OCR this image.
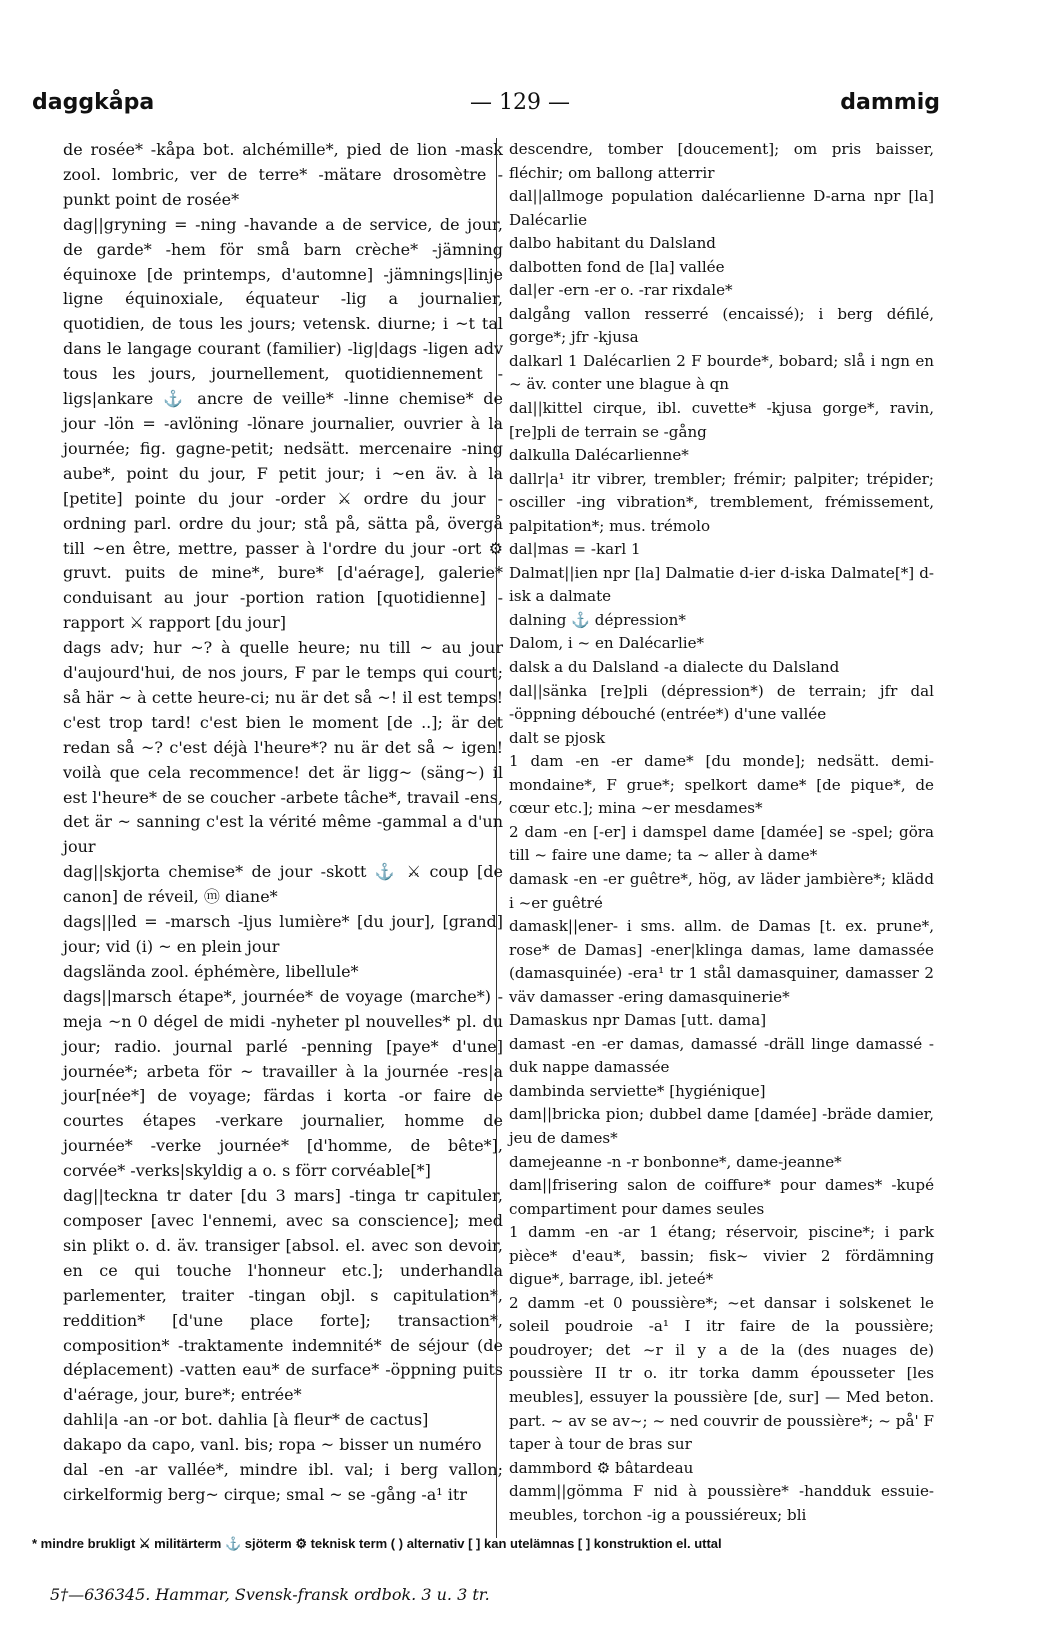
daggkåpa	— 129 —	dammig

de rosée* -kåpa bot. alchémille*, pied de lion -mask zool. lombric, ver de terre* -mätare drosomètre -punkt point de rosée*

dag||gryning = -ning -havande a de service, de jour, de garde* -hem för små barn crèche* -jämning équinoxe [de printemps, d'automne] -jämnings|linje ligne équinoxiale, équateur -lig a journalier, quotidien, de tous les jours; vetensk. diurne; i ~t tal dans le langage courant (familier) -lig|dags -ligen adv tous les jours, journellement, quotidiennement -ligs|ankare ⚓ ancre de veille* -linne chemise* de jour -lön = -avlöning -lönare journalier, ouvrier à la journée; fig. gagne-petit; nedsätt. mercenaire -ning aube*, point du jour, F petit jour; i ~en äv. à la [petite] pointe du jour -order ⚔ ordre du jour -ordning parl. ordre du jour; stå på, sätta på, övergå till ~en être, mettre, passer à l'ordre du jour -ort ⚙ gruvt. puits de mine*, bure* [d'aérage], galerie* conduisant au jour -portion ration [quotidienne] -rapport ⚔ rapport [du jour]

dags adv; hur ~? à quelle heure; nu till ~ au jour d'aujourd'hui, de nos jours, F par le temps qui court; så här ~ à cette heure-ci; nu är det så ~! il est temps! c'est trop tard! c'est bien le moment [de ..]; är det redan så ~? c'est déjà l'heure*? nu är det så ~ igen! voilà que cela recommence! det är ligg~ (säng~) il est l'heure* de se coucher -arbete tâche*, travail -ens, det är ~ sanning c'est la vérité même -gammal a d'un jour

dag||skjorta chemise* de jour -skott ⚓ ⚔ coup [de canon] de réveil, ⓜ diane*

dags||led = -marsch -ljus lumière* [du jour], [grand] jour; vid (i) ~ en plein jour

dagslända zool. éphémère, libellule*

dags||marsch étape*, journée* de voyage (marche*) -meja ~n 0 dégel de midi -nyheter pl nouvelles* pl. du jour; radio. journal parlé -penning [paye* d'une] journée*; arbeta för ~ travailler à la journée -res|a jour[née*] de voyage; färdas i korta -or faire de courtes étapes -verkare journalier, homme de journée* -verke journée* [d'homme, de bête*], corvée* -verks|skyldig a o. s förr corvéable[*]

dag||teckna tr dater [du 3 mars] -tinga tr capituler, composer [avec l'ennemi, avec sa conscience]; med sin plikt o. d. äv. transiger [absol. el. avec son devoir, en ce qui touche l'honneur etc.]; underhandla parlementer, traiter -tingan objl. s capitulation*, reddition* [d'une place forte]; transaction*, composition* -traktamente indemnité* de séjour (de déplacement) -vatten eau* de surface* -öppning puits d'aérage, jour, bure*; entrée*

dahli|a -an -or bot. dahlia [à fleur* de cactus]

dakapo da capo, vanl. bis; ropa ~ bisser un numéro

dal -en -ar vallée*, mindre ibl. val; i berg vallon; cirkelformig berg~ cirque; smal ~ se -gång -a¹ itr

descendre, tomber [doucement]; om pris baisser, fléchir; om ballong atterrir

dal||allmoge population dalécarlienne D-arna npr [la] Dalécarlie

dalbo habitant du Dalsland

dalbotten fond de [la] vallée

dal|er -ern -er o. -rar rixdale*

dalgång vallon resserré (encaissé); i berg défilé, gorge*; jfr -kjusa

dalkarl 1 Dalécarlien 2 F bourde*, bobard; slå i ngn en ~ äv. conter une blague à qn

dal||kittel cirque, ibl. cuvette* -kjusa gorge*, ravin, [re]pli de terrain se -gång

dalkulla Dalécarlienne*

dallr|a¹ itr vibrer, trembler; frémir; palpiter; trépider; osciller -ing vibration*, tremblement, frémissement, palpitation*; mus. trémolo

dal|mas = -karl 1

Dalmat||ien npr [la] Dalmatie d-ier d-iska Dalmate[*] d-isk a dalmate

dalning ⚓ dépression*

Dalom, i ~ en Dalécarlie*

dalsk a du Dalsland -a dialecte du Dalsland

dal||sänka [re]pli (dépression*) de terrain; jfr dal -öppning débouché (entrée*) d'une vallée

dalt se pjosk

1 dam -en -er dame* [du monde]; nedsätt. demi-mondaine*, F grue*; spelkort dame* [de pique*, de cœur etc.]; mina ~er mesdames*

2 dam -en [-er] i damspel dame [damée] se -spel; göra till ~ faire une dame; ta ~ aller à dame*

damask -en -er guêtre*, hög, av läder jambière*; klädd i ~er guêtré

damask||ener- i sms. allm. de Damas [t. ex. prune*, rose* de Damas] -ener|klinga damas, lame damassée (damasquinée) -era¹ tr 1 stål damasquiner, damasser 2 väv damasser -ering damasquinerie*

Damaskus npr Damas [utt. dama]

damast -en -er damas, damassé -dräll linge damassé -duk nappe damassée

dambinda serviette* [hygiénique]

dam||bricka pion; dubbel dame [damée] -bräde damier, jeu de dames*

damejeanne -n -r bonbonne*, dame-jeanne*

dam||frisering salon de coiffure* pour dames* -kupé compartiment pour dames seules

1 damm -en -ar 1 étang; réservoir, piscine*; i park pièce* d'eau*, bassin; fisk~ vivier 2 fördämning digue*, barrage, ibl. jeteé*

2 damm -et 0 poussière*; ~et dansar i solskenet le soleil poudroie -a¹ I itr faire de la poussière; poudroyer; det ~r il y a de la (des nuages de) poussière II tr o. itr torka damm épousseter [les meubles], essuyer la poussière [de, sur] — Med beton. part. ~ av se av~; ~ ned couvrir de poussière*; ~ på' F taper à tour de bras sur

dammbord ⚙ bâtardeau

damm||gömma F nid à poussière* -handduk essuie-meubles, torchon -ig a poussiéreux; bli

* mindre brukligt ⚔ militärterm ⚓ sjöterm ⚙ teknisk term ( ) alternativ [ ] kan utelämnas [ ] konstruktion el. uttal
5†—636345. Hammar, Svensk-fransk ordbok. 3 u. 3 tr.
